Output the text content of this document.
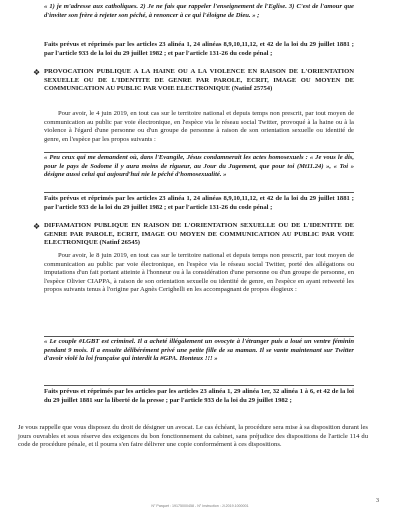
« 1) je m'adresse aux catholiques. 2) Je ne fais que rappeler l'enseignement de l'Eglise. 3) C'est de l'amour que d'inviter son frère à rejeter son péché, à renoncer à ce qui l'éloigne de Dieu. » ;

Faits prévus et réprimés par les articles 23 alinéa 1, 24 alinéas 8,9,10,11,12, et 42 de la loi du 29 juillet 1881 ; par l'article 933 de la loi du 29 juillet 1982 ; et par l'article 131-26 du code pénal ;

❖ PROVOCATION PUBLIQUE A LA HAINE OU A LA VIOLENCE EN RAISON DE L'ORIENTATION SEXUELLE OU DE L'IDENTITE DE GENRE PAR PAROLE, ECRIT, IMAGE OU MOYEN DE COMMUNICATION AU PUBLIC PAR VOIE ELECTRONIQUE (Natinf 25754)

Pour avoir, le 4 juin 2019, en tout cas sur le territoire national et depuis temps non prescrit, par tout moyen de communication au public par voie électronique, en l'espèce via le réseau social Twitter, provoqué à la haine ou à la violence à l'égard d'une personne ou d'un groupe de personne à raison de son orientation sexuelle ou identité de genre, en l'espèce par les propos suivants :

« Peu ceux qui me demandent où, dans l'Evangile, Jésus condamnerait les actes homosexuels : « Je vous le dis, pour le pays de Sodome il y aura moins de rigueur, au Jour du Jugement, que pour toi (Mt11.24) », « Toi » désigne aussi celui qui aujourd'hui nie le péché d'homosexualité. »

Faits prévus et réprimés par les articles 23 alinéa 1, 24 alinéas 8,9,10,11,12, et 42 de la loi du 29 juillet 1881 ; par l'article 933 de la loi du 29 juillet 1982 ; et par l'article 131-26 du code pénal ;

❖ DIFFAMATION PUBLIQUE EN RAISON DE L'ORIENTATION SEXUELLE OU DE L'IDENTITE DE GENRE PAR PAROLE, ECRIT, IMAGE OU MOYEN DE COMMUNICATION AU PUBLIC PAR VOIE ELECTRONIQUE (Natinf 26545)

Pour avoir, le 8 juin 2019, en tout cas sur le territoire national et depuis temps non prescrit, par tout moyen de communication au public par voie électronique, en l'espèce via le réseau social Twitter, porté des allégations ou imputations d'un fait portant atteinte à l'honneur ou à la considération d'une personne ou d'un groupe de personne, en l'espèce Olivier CIAPPA, à raison de son orientation sexuelle ou identité de genre, en l'espèce en ayant retweeté les propos suivants tenus à l'origine par Agnès Cerighelli en les accompagnant de propos élogieux :

« Le couple #LGBT est criminel. Il a acheté illégalement un ovocyte à l'étranger puis a loué un ventre féminin pendant 9 mois. Il a ensuite délibérément privé une petite fille de sa maman. Il se vante maintenant sur Twitter d'avoir violé la loi française qui interdit la #GPA. Honteux !!! »

Faits prévus et réprimés par les articles par les articles 23 alinéa 1, 29 alinéa 1er, 32 alinéa 1 à 6, et 42 de la loi du 29 juillet 1881 sur la liberté de la presse ; par l'article 933 de la loi du 29 juillet 1982 ;

Je vous rappelle que vous disposez du droit de désigner un avocat. Le cas échéant, la procédure sera mise à sa disposition durant les jours ouvrables et sous réserve des exigences du bon fonctionnement du cabinet, sans préjudice des dispositions de l'article 114 du code de procédure pénale, et il pourra s'en faire délivrer une copie conformément à ces dispositions.

3
N° Parquet : 19175000458 - N° Instruction : JI.2019.1000001
